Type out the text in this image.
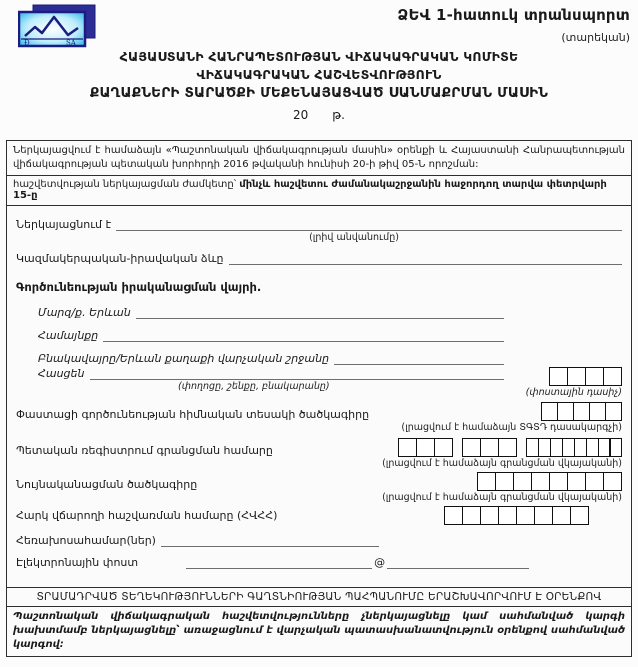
Ð	SA
ՁԵՎ 1-հատուկ տրանսպորտ
(տարեկան)
ՀԱՅԱՍՏԱՆԻ ՀԱՆՐԱՊԵՏՈՒԹՅԱՆ ՎԻՃԱԿԱԳՐԱԿԱՆ ԿՈՄԻՏԵ
ՎԻՃԱԿԱԳՐԱԿԱՆ ՀԱՇՎԵՏՎՈՒԹՅՈՒՆ
ՔԱՂԱՔՆԵՐԻ ՏԱՐԱԾՔԻ ՄԵՔԵՆԱՅԱՑՎԱԾ ՍԱՆՄԱՔՐՄԱՆ ՄԱՍԻՆ
20 թ.
Ներկայացվում է համաձայն «Պաշտոնական վիճակագրության մասին» օրենքի և Հայաստանի Հանրապետության վիճակագրության պետական խորհրդի 2016 թվականի հունիսի 20-ի թիվ 05-Ն որոշման:
հաշվետվության ներկայացման ժամկետը՝ մինչև հաշվետու ժամանակաշրջանին հաջորդող տարվա փետրվարի 15-ը
Ներկայացնում է
(լրիվ անվանումը)
Կազմակերպական-իրավական ձևը
Գործունեության իրականացման վայրի.
Մարզ/ք. Երևան
Համայնքը
Բնակավայրը/Երևան քաղաքի վարչական շրջանը
Հասցեն
(փողոցը, շենքը, բնակարանը)
(փոստային դասիչ)
Փաստացի գործունեության հիմնական տեսակի ծածկագիրը
(լրացվում է համաձայն ՏԳՏԴ դասակարգչի)
Պետական ռեգիստրում գրանցման համարը
(լրացվում է համաձայն գրանցման վկայականի)
Նույնականացման ծածկագիրը
(լրացվում է համաձայն գրանցման վկայականի)
Հարկ վճարողի հաշվառման համարը (ՀՎՀՀ)
Հեռախոսահամար(ներ)
Էլեկտրոնային փոստ	@
ՏՐԱՄԱԴՐՎԱԾ ՏԵՂԵԿՈՒԹՅՈՒՆՆԵՐԻ ԳԱՂՏՆԻՈՒԹՅԱՆ ՊԱՀՊԱՆՈՒՄԸ ԵՐԱՇԽԱՎՈՐՎՈՒՄ Է ՕՐԵՆՔՈՎ
Պաշտոնական վիճակագրական հաշվետվությունները չներկայացնելը կամ սահմանված կարգի խախտմամբ ներկայացնելը՝ առաջացնում է վարչական պատասխանատվություն օրենքով սահմանված կարգով:
